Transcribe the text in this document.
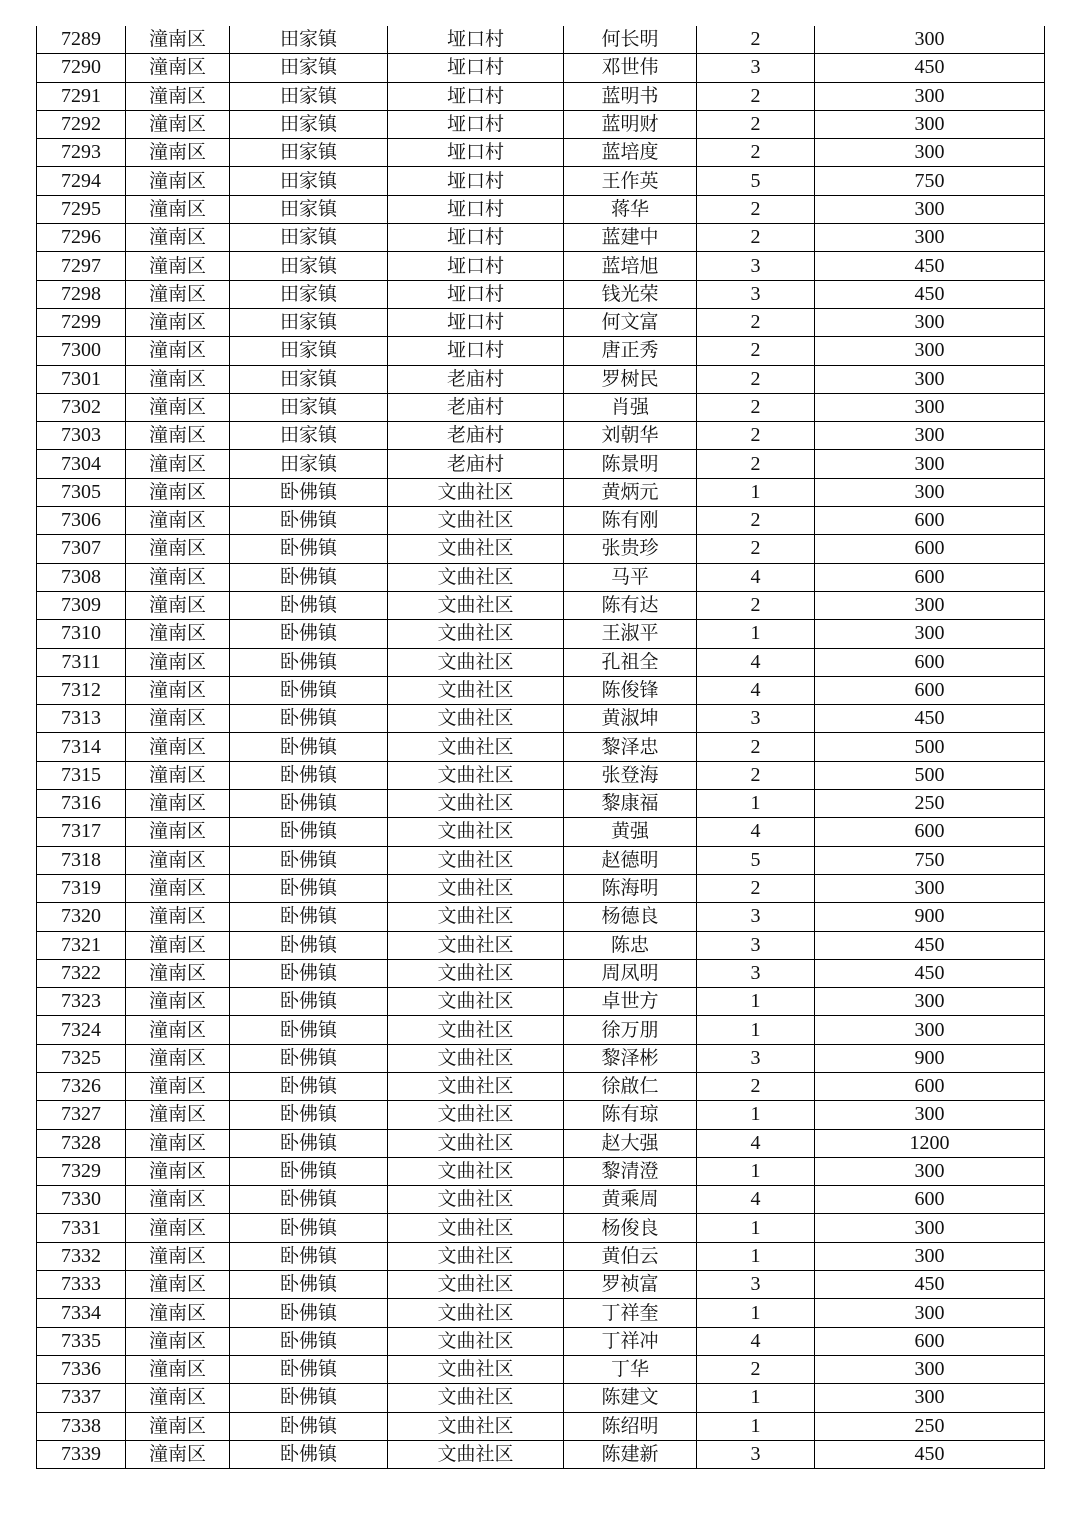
7289	潼南区	田家镇	垭口村	何长明	2	300
7290	潼南区	田家镇	垭口村	邓世伟	3	450
7291	潼南区	田家镇	垭口村	蓝明书	2	300
7292	潼南区	田家镇	垭口村	蓝明财	2	300
7293	潼南区	田家镇	垭口村	蓝培度	2	300
7294	潼南区	田家镇	垭口村	王作英	5	750
7295	潼南区	田家镇	垭口村	蒋华	2	300
7296	潼南区	田家镇	垭口村	蓝建中	2	300
7297	潼南区	田家镇	垭口村	蓝培旭	3	450
7298	潼南区	田家镇	垭口村	钱光荣	3	450
7299	潼南区	田家镇	垭口村	何文富	2	300
7300	潼南区	田家镇	垭口村	唐正秀	2	300
7301	潼南区	田家镇	老庙村	罗树民	2	300
7302	潼南区	田家镇	老庙村	肖强	2	300
7303	潼南区	田家镇	老庙村	刘朝华	2	300
7304	潼南区	田家镇	老庙村	陈景明	2	300
7305	潼南区	卧佛镇	文曲社区	黄炳元	1	300
7306	潼南区	卧佛镇	文曲社区	陈有刚	2	600
7307	潼南区	卧佛镇	文曲社区	张贵珍	2	600
7308	潼南区	卧佛镇	文曲社区	马平	4	600
7309	潼南区	卧佛镇	文曲社区	陈有达	2	300
7310	潼南区	卧佛镇	文曲社区	王淑平	1	300
7311	潼南区	卧佛镇	文曲社区	孔祖全	4	600
7312	潼南区	卧佛镇	文曲社区	陈俊锋	4	600
7313	潼南区	卧佛镇	文曲社区	黄淑坤	3	450
7314	潼南区	卧佛镇	文曲社区	黎泽忠	2	500
7315	潼南区	卧佛镇	文曲社区	张登海	2	500
7316	潼南区	卧佛镇	文曲社区	黎康福	1	250
7317	潼南区	卧佛镇	文曲社区	黄强	4	600
7318	潼南区	卧佛镇	文曲社区	赵德明	5	750
7319	潼南区	卧佛镇	文曲社区	陈海明	2	300
7320	潼南区	卧佛镇	文曲社区	杨德良	3	900
7321	潼南区	卧佛镇	文曲社区	陈忠	3	450
7322	潼南区	卧佛镇	文曲社区	周凤明	3	450
7323	潼南区	卧佛镇	文曲社区	卓世方	1	300
7324	潼南区	卧佛镇	文曲社区	徐万朋	1	300
7325	潼南区	卧佛镇	文曲社区	黎泽彬	3	900
7326	潼南区	卧佛镇	文曲社区	徐啟仁	2	600
7327	潼南区	卧佛镇	文曲社区	陈有琼	1	300
7328	潼南区	卧佛镇	文曲社区	赵大强	4	1200
7329	潼南区	卧佛镇	文曲社区	黎清澄	1	300
7330	潼南区	卧佛镇	文曲社区	黄乘周	4	600
7331	潼南区	卧佛镇	文曲社区	杨俊良	1	300
7332	潼南区	卧佛镇	文曲社区	黄伯云	1	300
7333	潼南区	卧佛镇	文曲社区	罗祯富	3	450
7334	潼南区	卧佛镇	文曲社区	丁祥奎	1	300
7335	潼南区	卧佛镇	文曲社区	丁祥冲	4	600
7336	潼南区	卧佛镇	文曲社区	丁华	2	300
7337	潼南区	卧佛镇	文曲社区	陈建文	1	300
7338	潼南区	卧佛镇	文曲社区	陈绍明	1	250
7339	潼南区	卧佛镇	文曲社区	陈建新	3	450
